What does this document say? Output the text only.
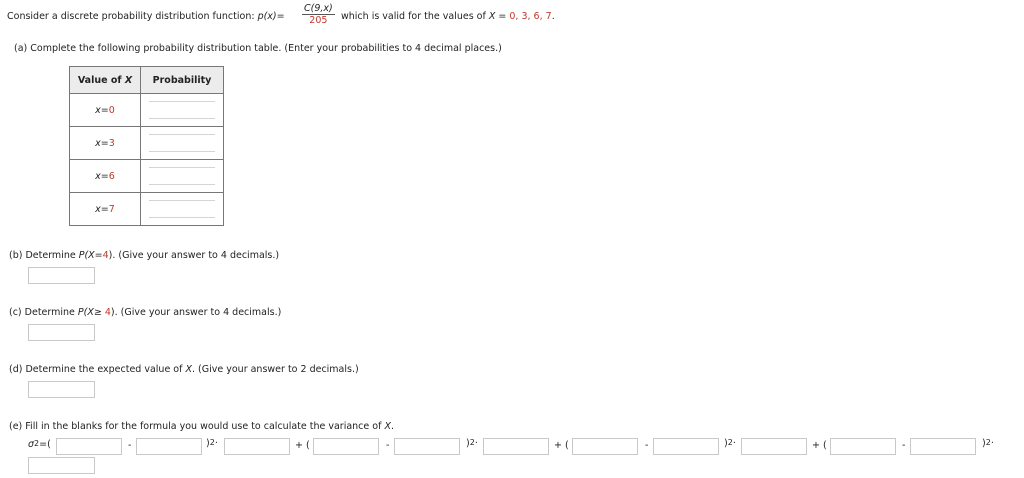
Consider a discrete probability distribution function: $p(x)= \frac{C(9,x)}{205}$ which is valid for the values of X = 0, 3, 6, 7.
(a) Complete the following probability distribution table. (Enter your probabilities to 4 decimal places.)
Value of X	Probability
x=0	

x=3	

x=6	

x=7	
(b) Determine P(X=4). (Give your answer to 4 decimals.)
(c) Determine P(X≥ 4). (Give your answer to 4 decimals.)
(d) Determine the expected value of X. (Give your answer to 2 decimals.)
(e) Fill in the blanks for the formula you would use to calculate the variance of X.
$\sigma^2=$(	-	)$^2$·	+ (	-	)$^2$·	+ (	-	)$^2$·	+ (	-	)$^2$·
